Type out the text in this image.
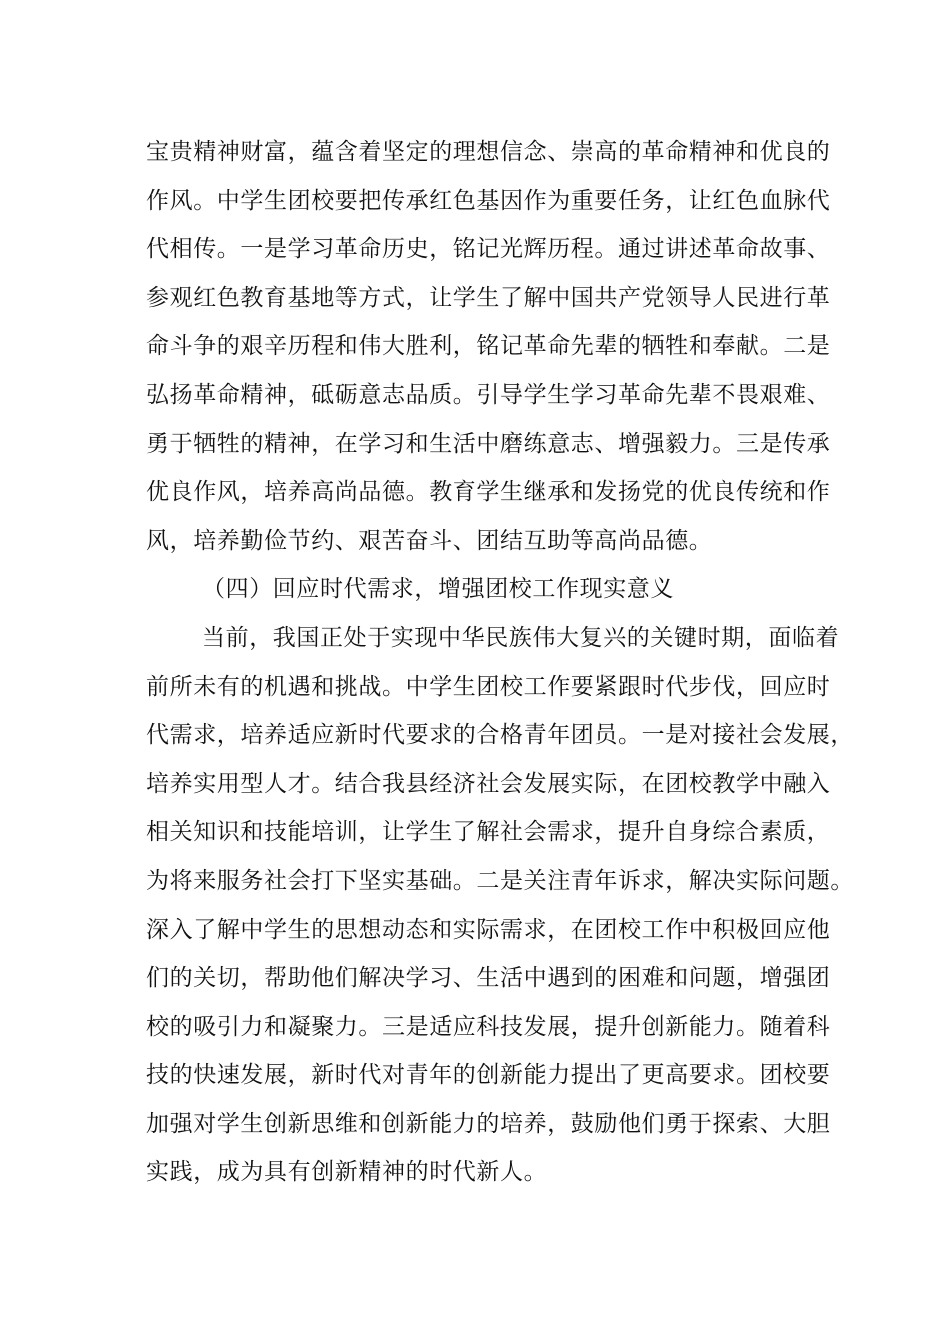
宝贵精神财富，蕴含着坚定的理想信念、崇高的革命精神和优良的
作风。中学生团校要把传承红色基因作为重要任务，让红色血脉代
代相传。一是学习革命历史，铭记光辉历程。通过讲述革命故事、
参观红色教育基地等方式，让学生了解中国共产党领导人民进行革
命斗争的艰辛历程和伟大胜利，铭记革命先辈的牺牲和奉献。二是
弘扬革命精神，砥砺意志品质。引导学生学习革命先辈不畏艰难、
勇于牺牲的精神，在学习和生活中磨练意志、增强毅力。三是传承
优良作风，培养高尚品德。教育学生继承和发扬党的优良传统和作
风，培养勤俭节约、艰苦奋斗、团结互助等高尚品德。
（四）回应时代需求，增强团校工作现实意义
当前，我国正处于实现中华民族伟大复兴的关键时期，面临着
前所未有的机遇和挑战。中学生团校工作要紧跟时代步伐，回应时
代需求，培养适应新时代要求的合格青年团员。一是对接社会发展，
培养实用型人才。结合我县经济社会发展实际，在团校教学中融入
相关知识和技能培训，让学生了解社会需求，提升自身综合素质，
为将来服务社会打下坚实基础。二是关注青年诉求，解决实际问题。
深入了解中学生的思想动态和实际需求，在团校工作中积极回应他
们的关切，帮助他们解决学习、生活中遇到的困难和问题，增强团
校的吸引力和凝聚力。三是适应科技发展，提升创新能力。随着科
技的快速发展，新时代对青年的创新能力提出了更高要求。团校要
加强对学生创新思维和创新能力的培养，鼓励他们勇于探索、大胆
实践，成为具有创新精神的时代新人。
